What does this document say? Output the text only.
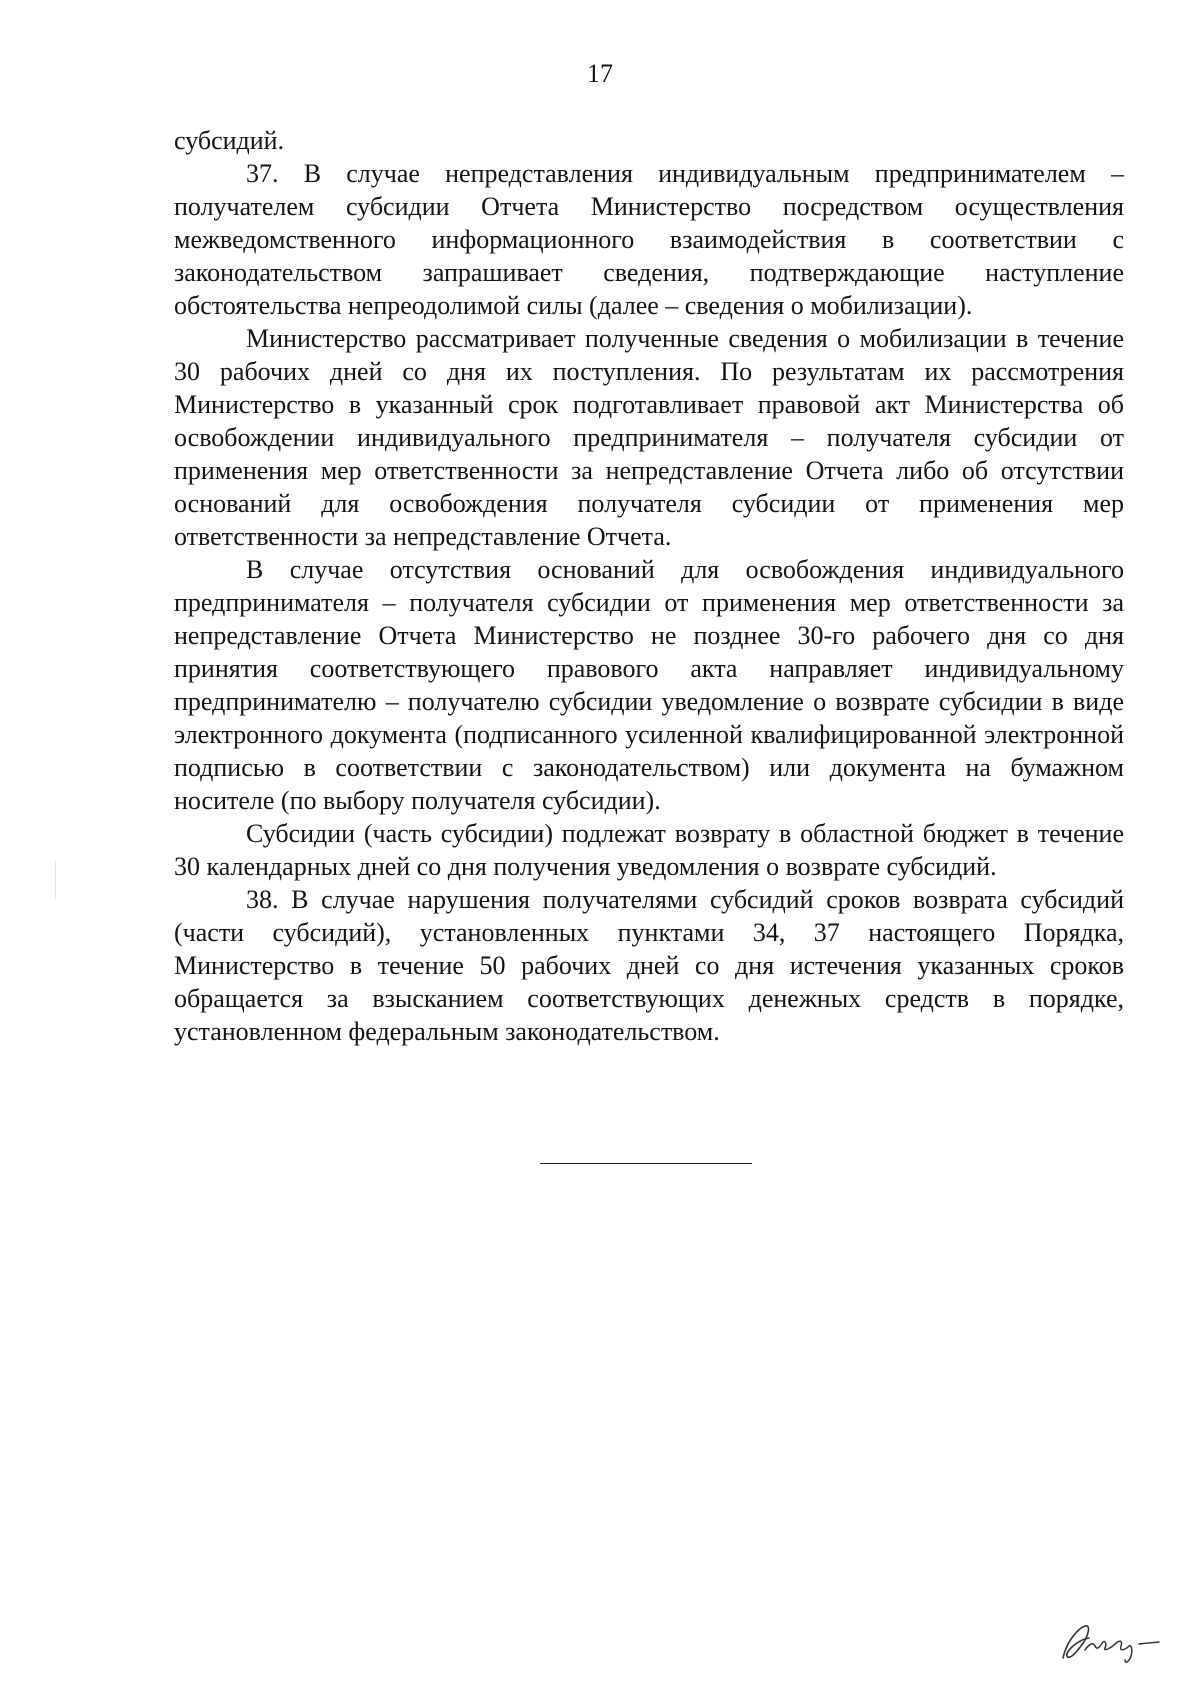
17

субсидий.

37. В случае непредставления индивидуальным предпринимателем – получателем субсидии Отчета Министерство посредством осуществления межведомственного информационного взаимодействия в соответствии с законодательством запрашивает сведения, подтверждающие наступление обстоятельства непреодолимой силы (далее – сведения о мобилизации).

Министерство рассматривает полученные сведения о мобилизации в течение 30 рабочих дней со дня их поступления. По результатам их рассмотрения Министерство в указанный срок подготавливает правовой акт Министерства об освобождении индивидуального предпринимателя – получателя субсидии от применения мер ответственности за непредставление Отчета либо об отсутствии оснований для освобождения получателя субсидии от применения мер ответственности за непредставление Отчета.

В случае отсутствия оснований для освобождения индивидуального предпринимателя – получателя субсидии от применения мер ответственности за непредставление Отчета Министерство не позднее 30-го рабочего дня со дня принятия соответствующего правового акта направляет индивидуальному предпринимателю – получателю субсидии уведомление о возврате субсидии в виде электронного документа (подписанного усиленной квалифицированной электронной подписью в соответствии с законодательством) или документа на бумажном носителе (по выбору получателя субсидии).

Субсидии (часть субсидии) подлежат возврату в областной бюджет в течение 30 календарных дней со дня получения уведомления о возврате субсидий.

38. В случае нарушения получателями субсидий сроков возврата субсидий (части субсидий), установленных пунктами 34, 37 настоящего Порядка, Министерство в течение 50 рабочих дней со дня истечения указанных сроков обращается за взысканием соответствующих денежных средств в порядке, установленном федеральным законодательством.
